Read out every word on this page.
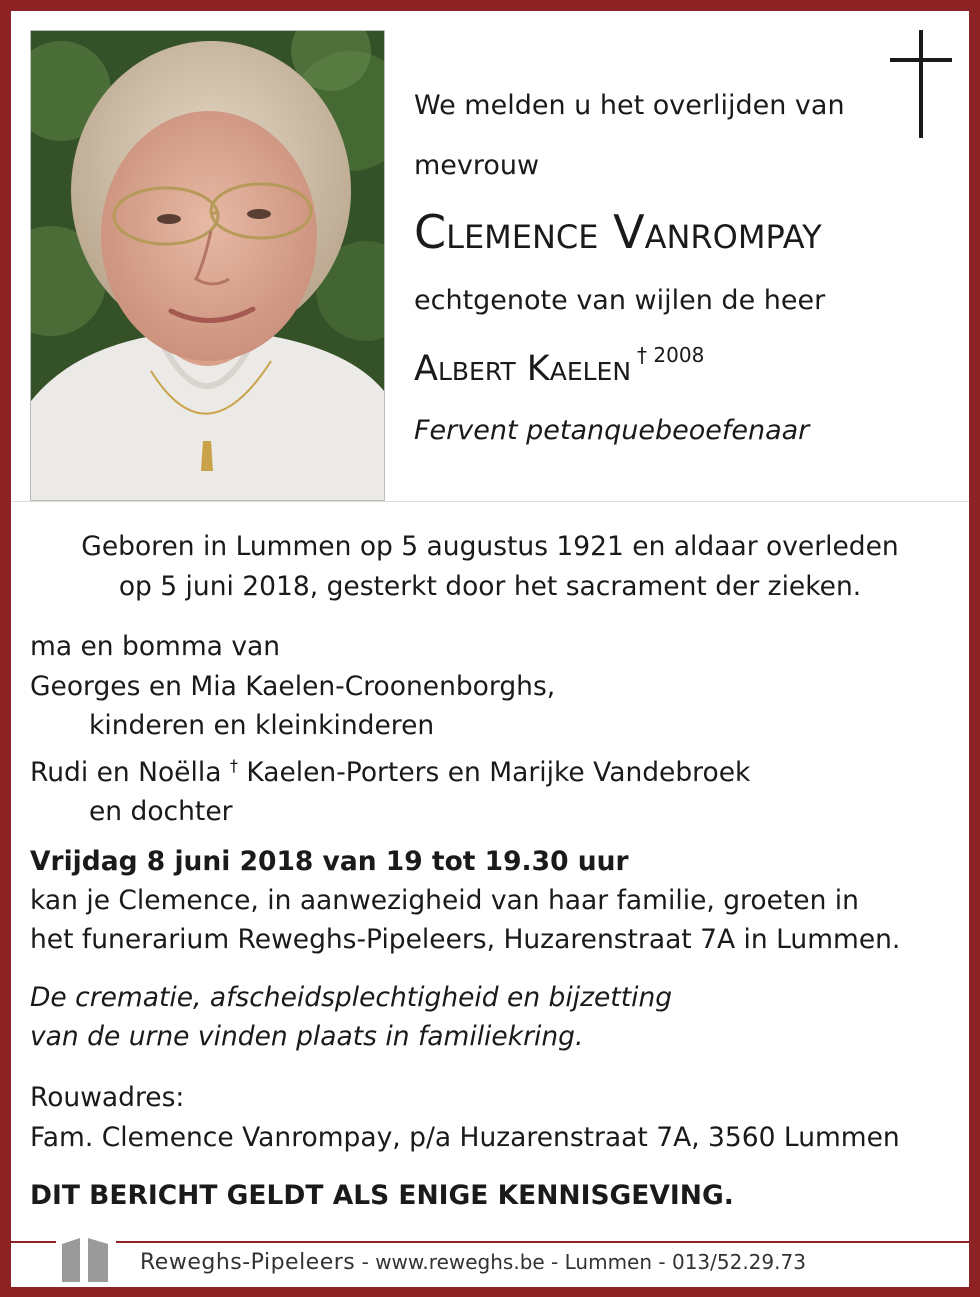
We melden u het overlijden van
mevrouw
Clemence Vanrompay
echtgenote van wijlen de heer
Albert Kaelen $^{\dagger 2008}$
Fervent petanquebeoefenaar
Geboren in Lummen op 5 augustus 1921 en aldaar overleden
op 5 juni 2018, gesterkt door het sacrament der zieken.
ma en bomma van
Georges en Mia Kaelen-Croonenborghs,
kinderen en kleinkinderen
Rudi en Noëlla † Kaelen-Porters en Marijke Vandebroek
en dochter
Vrijdag 8 juni 2018 van 19 tot 19.30 uur
kan je Clemence, in aanwezigheid van haar familie, groeten in
het funerarium Reweghs-Pipeleers, Huzarenstraat 7A in Lummen.
De crematie, afscheidsplechtigheid en bijzetting
van de urne vinden plaats in familiekring.
Rouwadres:
Fam. Clemence Vanrompay, p/a Huzarenstraat 7A, 3560 Lummen
DIT BERICHT GELDT ALS ENIGE KENNISGEVING.
Reweghs-Pipeleers - www.reweghs.be - Lummen - 013/52.29.73
